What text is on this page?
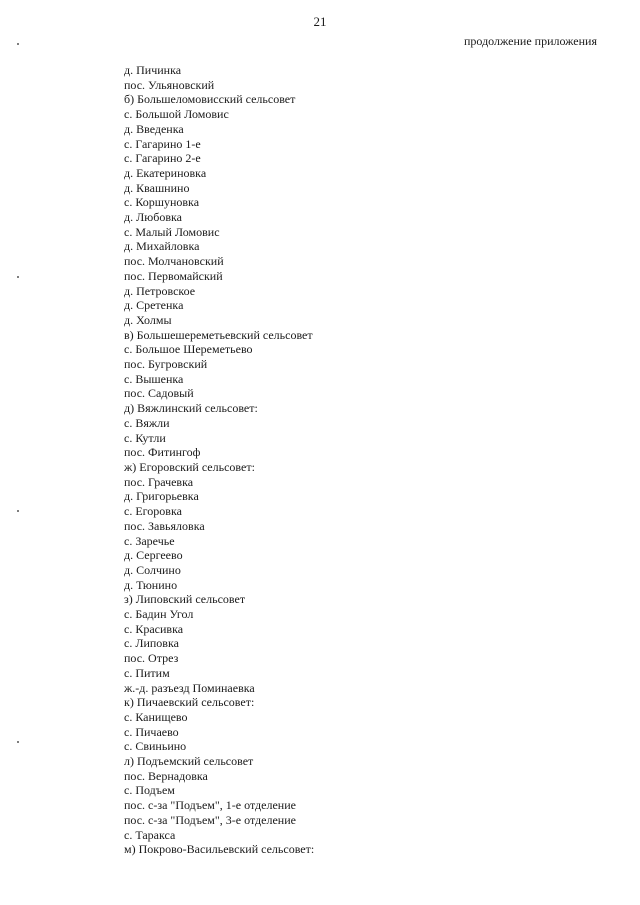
21
продолжение приложения
д. Пичинка
пос. Ульяновский
б) Большеломовисский сельсовет
с. Большой Ломовис
д. Введенка
с. Гагарино 1-е
с. Гагарино 2-е
д. Екатериновка
д. Квашнино
с. Коршуновка
д. Любовка
с. Малый Ломовис
д. Михайловка
пос. Молчановский
пос. Первомайский
д. Петровское
д. Сретенка
д. Холмы
в) Большешереметьевский сельсовет
с. Большое Шереметьево
пос. Бугровский
с. Вышенка
пос. Садовый
д) Вяжлинский сельсовет:
с. Вяжли
с. Кутли
пос. Фитингоф
ж) Егоровский сельсовет:
пос. Грачевка
д. Григорьевка
с. Егоровка
пос. Завьяловка
с. Заречье
д. Сергеево
д. Солчино
д. Тюнино
з) Липовский сельсовет
с. Бадин Угол
с. Красивка
с. Липовка
пос. Отрез
с. Питим
ж.-д. разъезд Поминаевка
к) Пичаевский сельсовет:
с. Канищево
с. Пичаево
с. Свиньино
л) Подъемский сельсовет
пос. Вернадовка
с. Подъем
пос. с-за "Подъем", 1-е отделение
пос. с-за "Подъем", 3-е отделение
с. Таракса
м) Покрово-Васильевский сельсовет:
